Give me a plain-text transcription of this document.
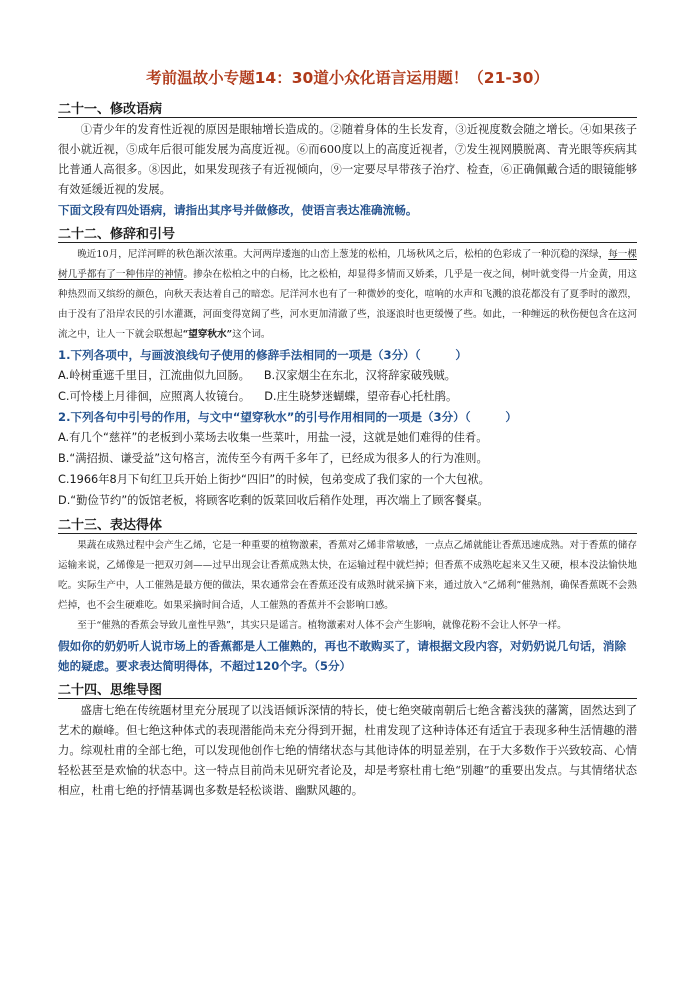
考前温故小专题14：30道小众化语言运用题！（21-30）
二十一、修改语病

①青少年的发育性近视的原因是眼轴增长造成的。②随着身体的生长发育，③近视度数会随之增长。④如果孩子很小就近视，⑤成年后很可能发展为高度近视。⑥而600度以上的高度近视者，⑦发生视网膜脱离、青光眼等疾病其比普通人高很多。⑧因此，如果发现孩子有近视倾向，⑨一定要尽早带孩子治疗、检查，⑥正确佩戴合适的眼镜能够有效延缓近视的发展。

下面文段有四处语病，请指出其序号并做修改，使语言表达准确流畅。

二十二、修辞和引号

晚近10月，尼洋河畔的秋色渐次浓重。大河两岸逶迤的山峦上葱茏的松柏，几场秋风之后，松柏的色彩成了一种沉稳的深绿，每一棵树几乎都有了一种伟岸的神情。掺杂在松柏之中的白杨，比之松柏，却显得多情而又娇柔，几乎是一夜之间，树叶就变得一片金黄，用这种热烈而又缤纷的颜色，向秋天表达着自己的暗恋。尼洋河水也有了一种微妙的变化，喧响的水声和飞溅的浪花都没有了夏季时的激烈，由于没有了沿岸农民的引水灌溉，河面变得宽阔了些，河水更加清澈了些，浪逐浪时也更缓慢了些。如此，一种缠远的秋伤便包含在这河流之中，让人一下就会联想起“望穿秋水”这个词。

1.下列各项中，与画波浪线句子使用的修辞手法相同的一项是（3分）（　　　）

A.岭树重遮千里目，江流曲似九回肠。 B.汉家烟尘在东北，汉将辞家破残贼。
C.可怜楼上月徘徊，应照离人妆镜台。 D.庄生晓梦迷蝴蝶，望帝春心托杜鹃。

2.下列各句中引号的作用，与文中“望穿秋水”的引号作用相同的一项是（3分）（　　　）

A.有几个“慈祥”的老板到小菜场去收集一些菜叶，用盐一浸，这就是她们难得的佳肴。

B.“满招损、谦受益”这句格言，流传至今有两千多年了，已经成为很多人的行为准则。

C.1966年8月下旬红卫兵开始上街抄“四旧”的时候，包弟变成了我们家的一个大包袱。

D.“勤俭节约”的饭馆老板，将顾客吃剩的饭菜回收后稍作处理，再次端上了顾客餐桌。

二十三、表达得体

果蔬在成熟过程中会产生乙烯，它是一种重要的植物激素，香蕉对乙烯非常敏感，一点点乙烯就能让香蕉迅速成熟。对于香蕉的储存运输来说，乙烯像是一把双刃剑——过早出现会让香蕉成熟太快，在运输过程中就烂掉；但香蕉不成熟吃起来又生又硬，根本没法愉快地吃。实际生产中，人工催熟是最方便的做法，果农通常会在香蕉还没有成熟时就采摘下来，通过放入“乙烯利”催熟剂，确保香蕉既不会熟烂掉，也不会生硬难吃。如果采摘时间合适，人工催熟的香蕉并不会影响口感。

至于“催熟的香蕉会导致儿童性早熟”，其实只是谣言。植物激素对人体不会产生影响，就像花粉不会让人怀孕一样。

假如你的奶奶听人说市场上的香蕉都是人工催熟的，再也不敢购买了，请根据文段内容，对奶奶说几句话，消除她的疑虑。要求表达简明得体，不超过120个字。（5分）

二十四、思维导图

盛唐七绝在传统题材里充分展现了以浅语倾诉深情的特长，使七绝突破南朝后七绝含蓄浅狭的藩篱，固然达到了艺术的巅峰。但七绝这种体式的表现潜能尚未充分得到开掘，杜甫发现了这种诗体还有适宜于表现多种生活情趣的潜力。综观杜甫的全部七绝，可以发现他创作七绝的情绪状态与其他诗体的明显差别，在于大多数作于兴致较高、心情轻松甚至是欢愉的状态中。这一特点目前尚未见研究者论及，却是考察杜甫七绝“别趣”的重要出发点。与其情绪状态相应，杜甫七绝的抒情基调也多数是轻松谈谐、幽默风趣的。
